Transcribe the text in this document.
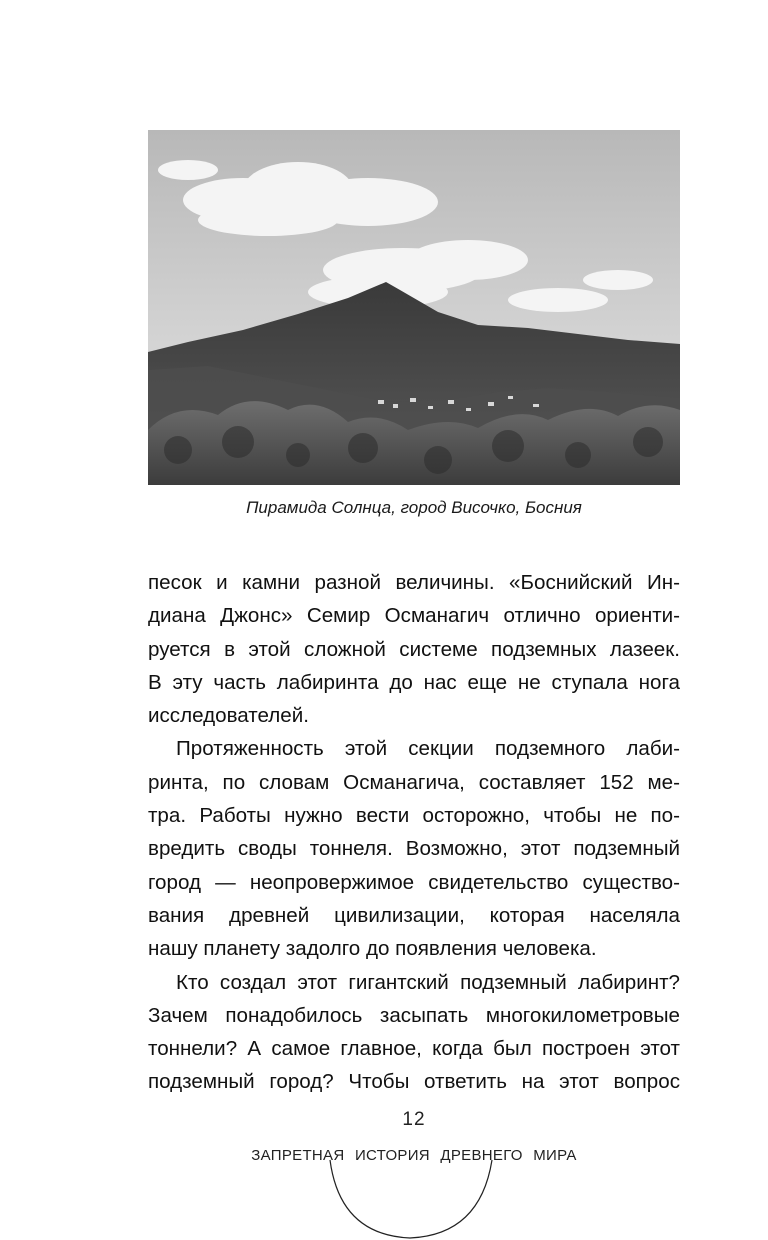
Пирамида Солнца, город Височко, Босния
песок и камни разной величины. «Боснийский Ин-
диана Джонс» Семир Османагич отлично ориенти-
руется в этой сложной системе подземных лазеек.
В эту часть лабиринта до нас еще не ступала нога
исследователей.
Протяженность этой секции подземного лаби-
ринта, по словам Османагича, составляет 152 ме-
тра. Работы нужно вести осторожно, чтобы не по-
вредить своды тоннеля. Возможно, этот подземный
город — неопровержимое свидетельство существо-
вания древней цивилизации, которая населяла
нашу планету задолго до появления человека.
Кто создал этот гигантский подземный лабиринт?
Зачем понадобилось засыпать многокилометровые
тоннели? А самое главное, когда был построен этот
подземный город? Чтобы ответить на этот вопрос
12
ЗАПРЕТНАЯ ИСТОРИЯ ДРЕВНЕГО МИРА
